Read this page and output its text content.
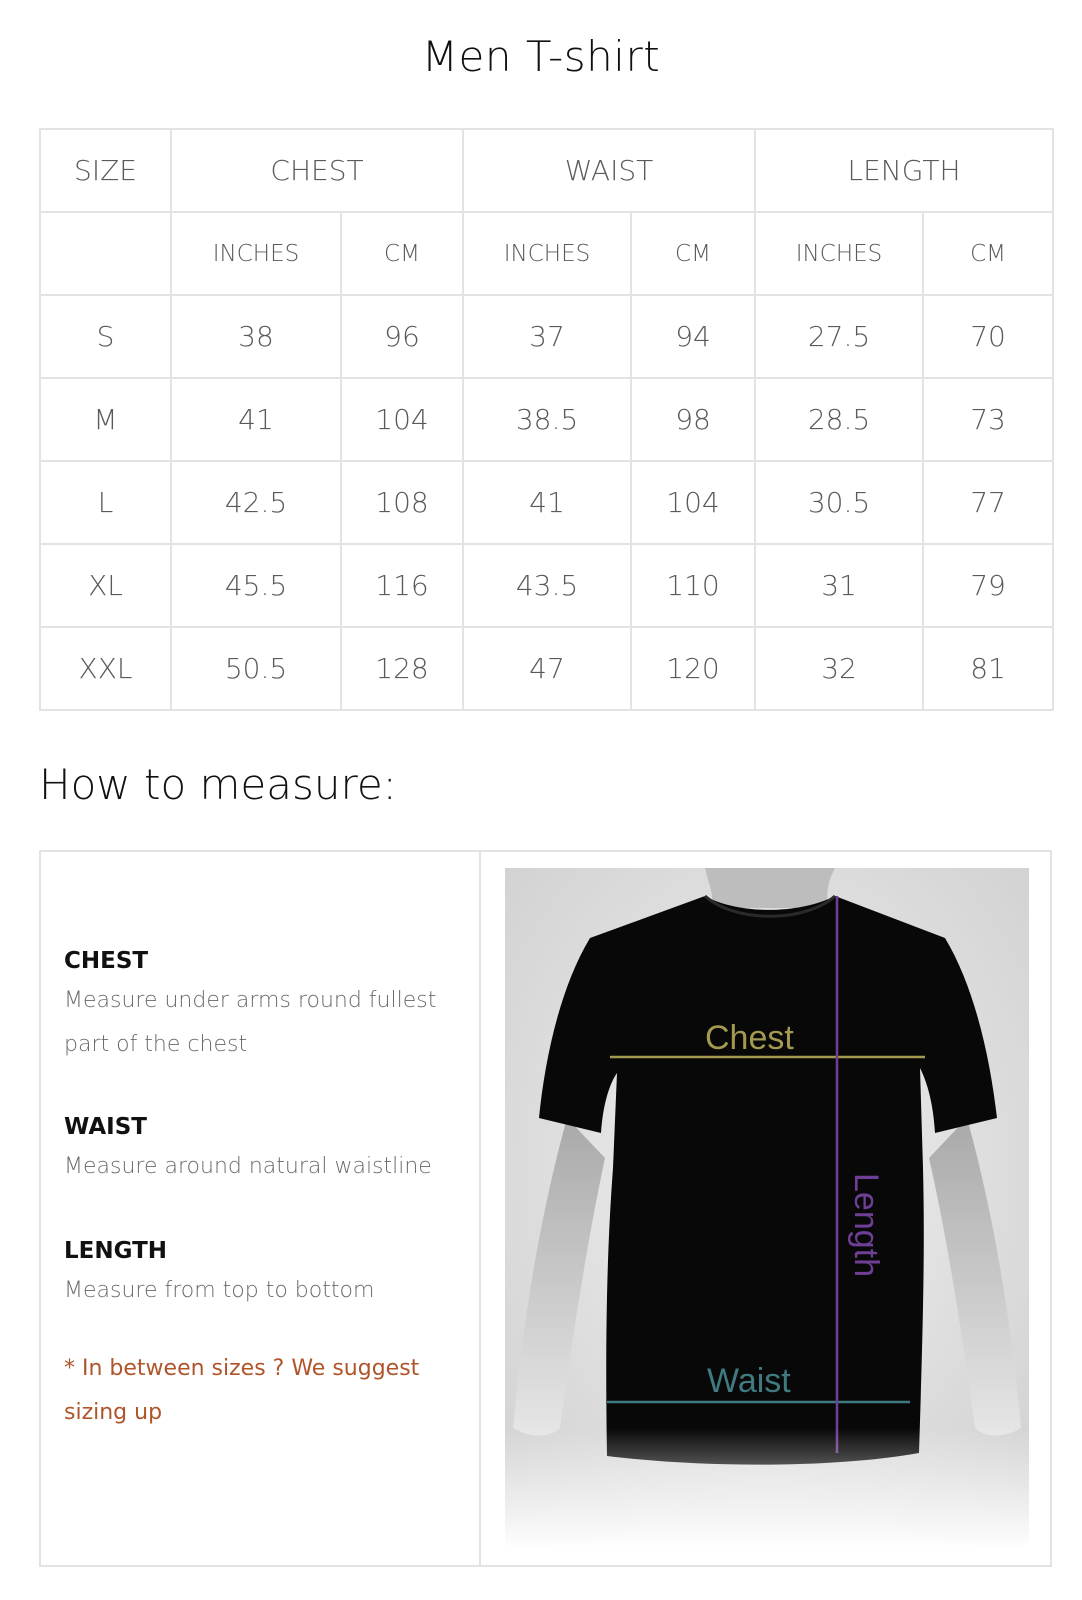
Men T-shirt
SIZE	CHEST		WAIST		LENGTH	
	INCHES	CM	INCHES	CM	INCHES	CM
S	38	96	37	94	27.5	70
M	41	104	38.5	98	28.5	73
L	42.5	108	41	104	30.5	77
XL	45.5	116	43.5	110	31	79
XXL	50.5	128	47	120	32	81
How to measure:
CHEST
Measure under arms round fullest part of the chest
WAIST
Measure around natural waistline
LENGTH
Measure from top to bottom
* In between sizes ? We suggest sizing up
Chest
Waist
Length
